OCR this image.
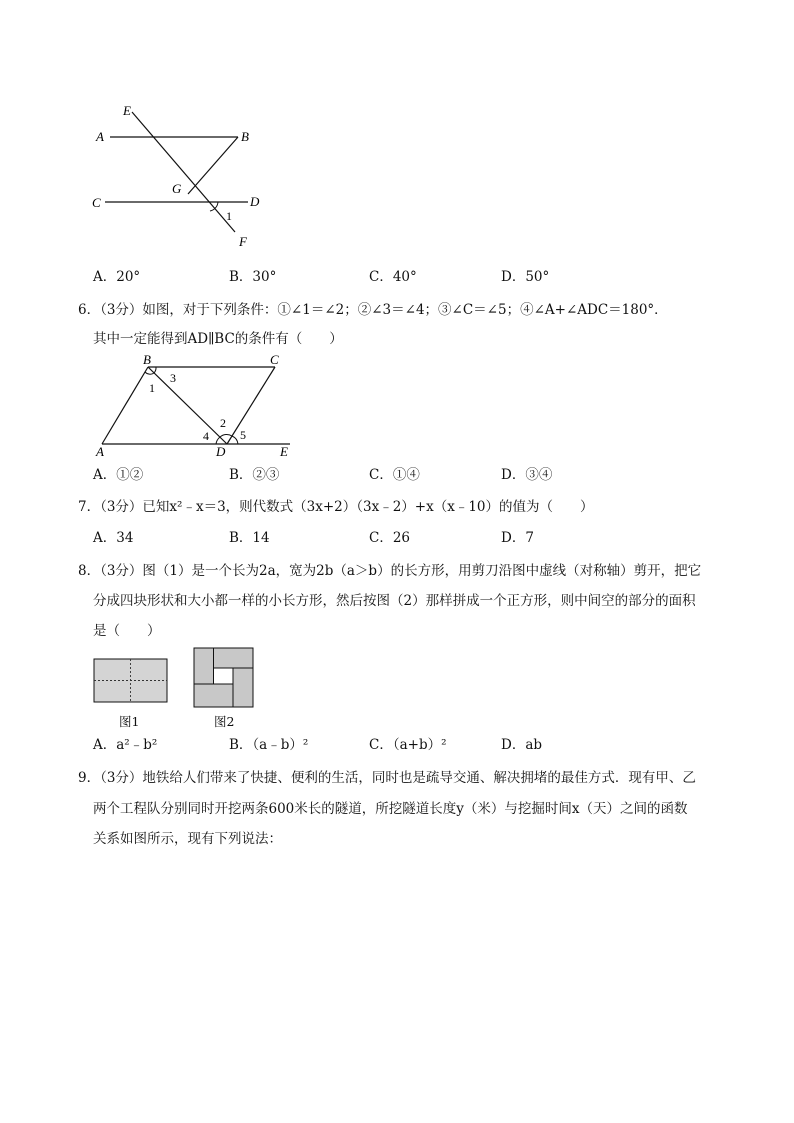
E
A	B
G
C	D
1
F
A．20°	B．30°	C．40°	D．50°
6．（3分）如图，对于下列条件：①∠1＝∠2；②∠3＝∠4；③∠C＝∠5；④∠A+∠ADC＝180°．
其中一定能得到AD∥BC的条件有（　　）
B	C
3
1
2
4	5
A	D	E
A．①②	B．②③	C．①④	D．③④
7．（3分）已知x²﹣x＝3，则代数式（3x+2）（3x﹣2）+x（x﹣10）的值为（　　）
A．34	B．14	C．26	D．7
8．（3分）图（1）是一个长为2a，宽为2b（a＞b）的长方形，用剪刀沿图中虚线（对称轴）剪开，把它
分成四块形状和大小都一样的小长方形，然后按图（2）那样拼成一个正方形，则中间空的部分的面积
是（　　）
图1	图2
A．a²﹣b²	B．（a﹣b）²	C．（a+b）²	D．ab
9．（3分）地铁给人们带来了快捷、便利的生活，同时也是疏导交通、解决拥堵的最佳方式．现有甲、乙
两个工程队分别同时开挖两条600米长的隧道，所挖隧道长度y（米）与挖掘时间x（天）之间的函数
关系如图所示，现有下列说法：
